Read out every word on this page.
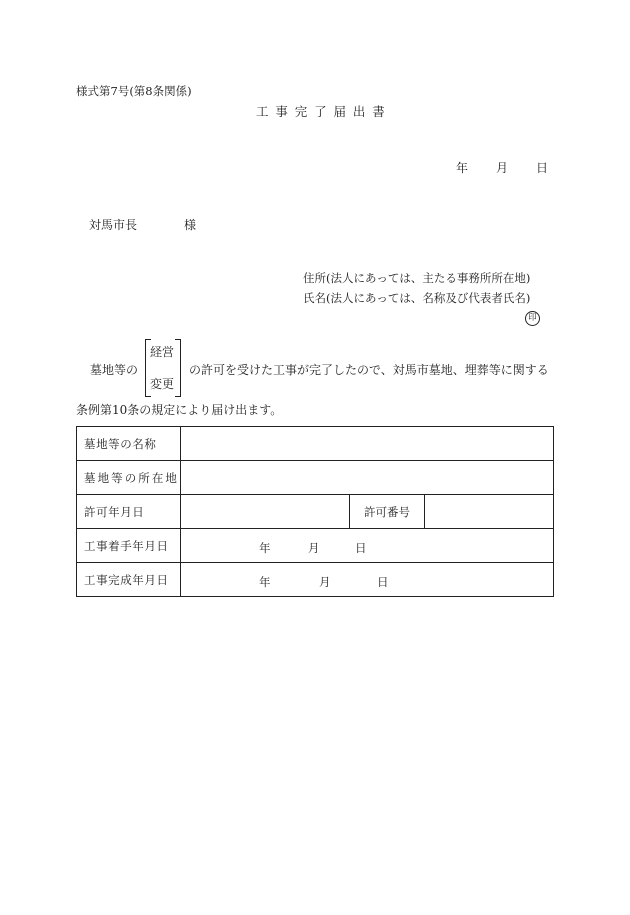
様式第7号(第8条関係)
工事完了届出書
年 月 日
対馬市長	様
住所(法人にあっては、主たる事務所所在地)
氏名(法人にあっては、名称及び代表者氏名)
印
墓地等の
経営
変更
の許可を受けた工事が完了したので、対馬市墓地、埋葬等に関する
条例第10条の規定により届け出ます。
墓地等の名称			
墓地等の所在地			
許可年月日		許可番号	
工事着手年月日	年 月 日		

工事完成年月日	年 月 日		
